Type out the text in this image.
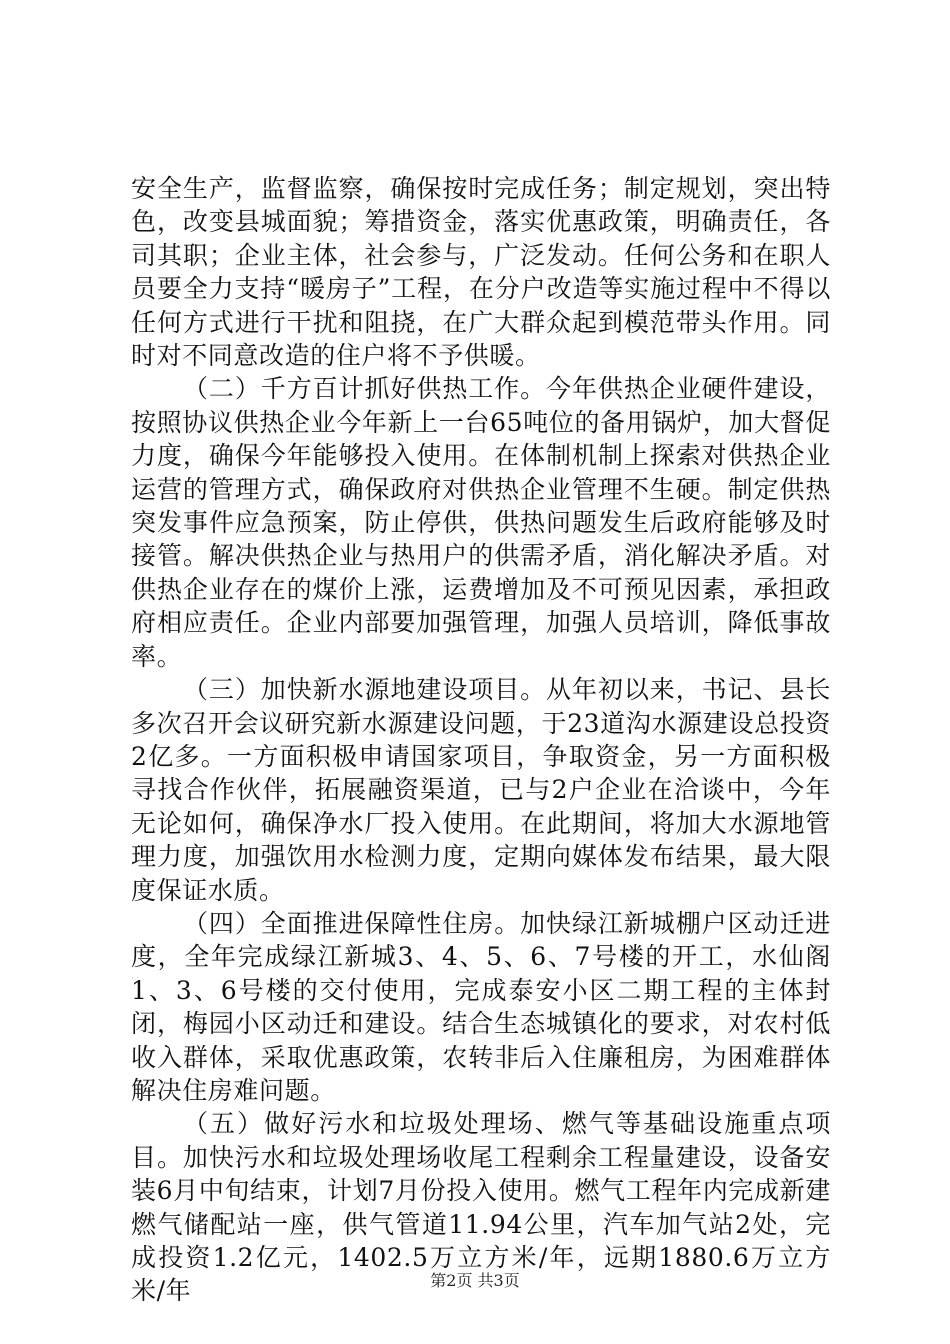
安全生产，监督监察，确保按时完成任务；制定规划，突出特色，改变县城面貌；筹措资金，落实优惠政策，明确责任，各司其职；企业主体，社会参与，广泛发动。任何公务和在职人员要全力支持“暖房子”工程，在分户改造等实施过程中不得以任何方式进行干扰和阻挠，在广大群众起到模范带头作用。同时对不同意改造的住户将不予供暖。

（二）千方百计抓好供热工作。今年供热企业硬件建设，按照协议供热企业今年新上一台65吨位的备用锅炉，加大督促力度，确保今年能够投入使用。在体制机制上探索对供热企业运营的管理方式，确保政府对供热企业管理不生硬。制定供热突发事件应急预案，防止停供，供热问题发生后政府能够及时接管。解决供热企业与热用户的供需矛盾，消化解决矛盾。对供热企业存在的煤价上涨，运费增加及不可预见因素，承担政府相应责任。企业内部要加强管理，加强人员培训，降低事故率。

（三）加快新水源地建设项目。从年初以来，书记、县长多次召开会议研究新水源建设问题，于23道沟水源建设总投资2亿多。一方面积极申请国家项目，争取资金，另一方面积极寻找合作伙伴，拓展融资渠道，已与2户企业在洽谈中，今年无论如何，确保净水厂投入使用。在此期间，将加大水源地管理力度，加强饮用水检测力度，定期向媒体发布结果，最大限度保证水质。

（四）全面推进保障性住房。加快绿江新城棚户区动迁进度，全年完成绿江新城3、4、5、6、7号楼的开工，水仙阁1、3、6号楼的交付使用，完成泰安小区二期工程的主体封闭，梅园小区动迁和建设。结合生态城镇化的要求，对农村低收入群体，采取优惠政策，农转非后入住廉租房，为困难群体解决住房难问题。

（五）做好污水和垃圾处理场、燃气等基础设施重点项目。加快污水和垃圾处理场收尾工程剩余工程量建设，设备安装6月中旬结束，计划7月份投入使用。燃气工程年内完成新建燃气储配站一座，供气管道11.94公里，汽车加气站2处，完成投资1.2亿元，1402.5万立方米/年，远期1880.6万立方米/年	第2页 共3页
